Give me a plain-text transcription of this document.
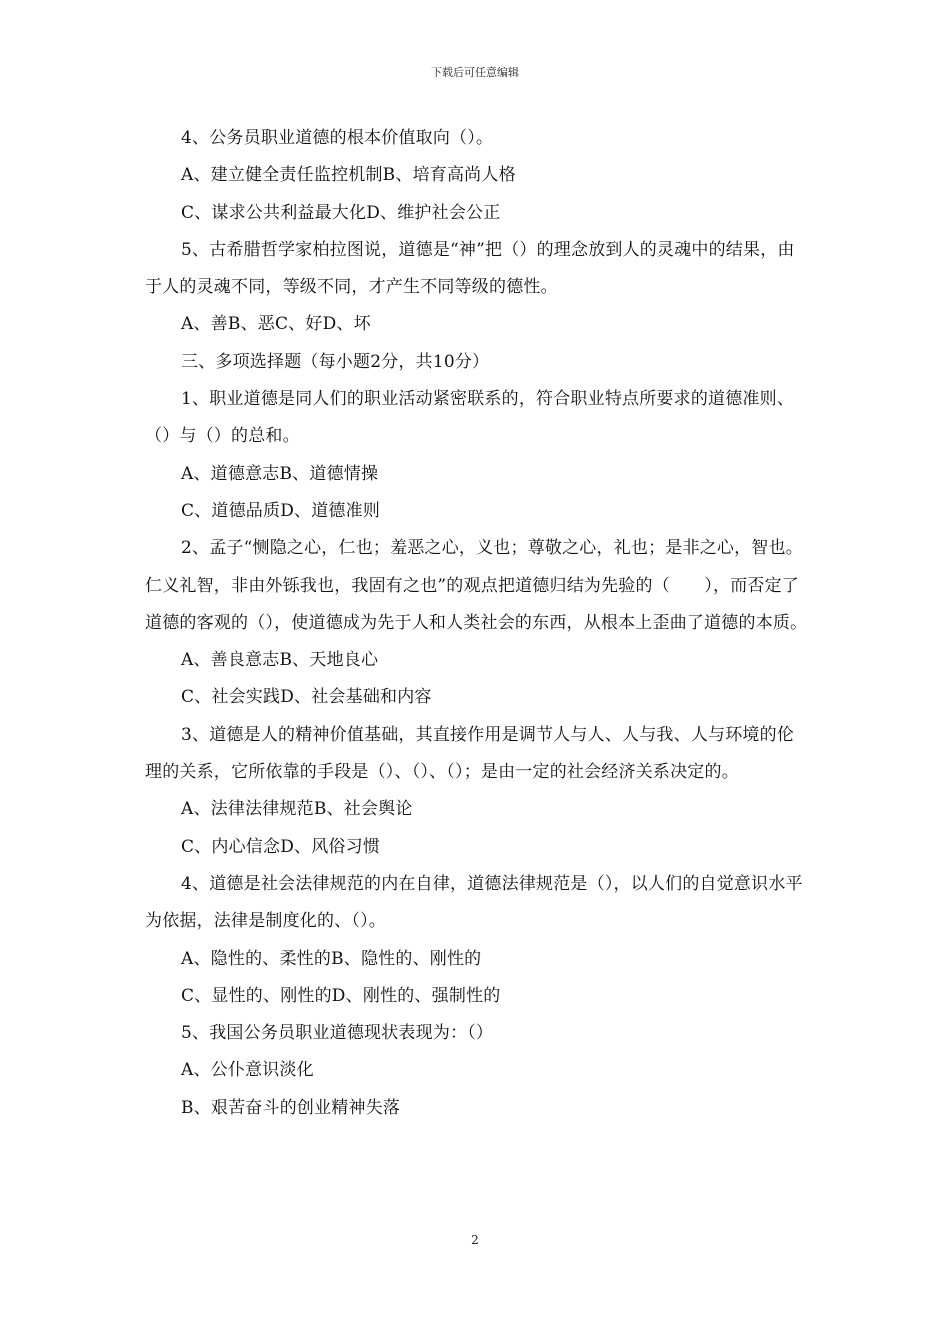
下载后可任意编辑

4、公务员职业道德的根本价值取向（）。

A、建立健全责任监控机制B、培育高尚人格

C、谋求公共利益最大化D、维护社会公正

5、古希腊哲学家柏拉图说，道德是“神”把（）的理念放到人的灵魂中的结果，由于人的灵魂不同，等级不同，才产生不同等级的德性。

A、善B、恶C、好D、坏

三、多项选择题（每小题2分，共10分）

1、职业道德是同人们的职业活动紧密联系的，符合职业特点所要求的道德准则、（）与（）的总和。

A、道德意志B、道德情操

C、道德品质D、道德准则

2、孟子“恻隐之心，仁也；羞恶之心，义也；尊敬之心，礼也；是非之心，智也。仁义礼智，非由外铄我也，我固有之也”的观点把道德归结为先验的（　　），而否定了道德的客观的（），使道德成为先于人和人类社会的东西，从根本上歪曲了道德的本质。

A、善良意志B、天地良心

C、社会实践D、社会基础和内容

3、道德是人的精神价值基础，其直接作用是调节人与人、人与我、人与环境的伦理的关系，它所依靠的手段是（）、（）、（）；是由一定的社会经济关系决定的。

A、法律法律规范B、社会舆论

C、内心信念D、风俗习惯

4、道德是社会法律规范的内在自律，道德法律规范是（），以人们的自觉意识水平为依据，法律是制度化的、（）。

A、隐性的、柔性的B、隐性的、刚性的

C、显性的、刚性的D、刚性的、强制性的

5、我国公务员职业道德现状表现为：（）

A、公仆意识淡化

B、艰苦奋斗的创业精神失落

2
